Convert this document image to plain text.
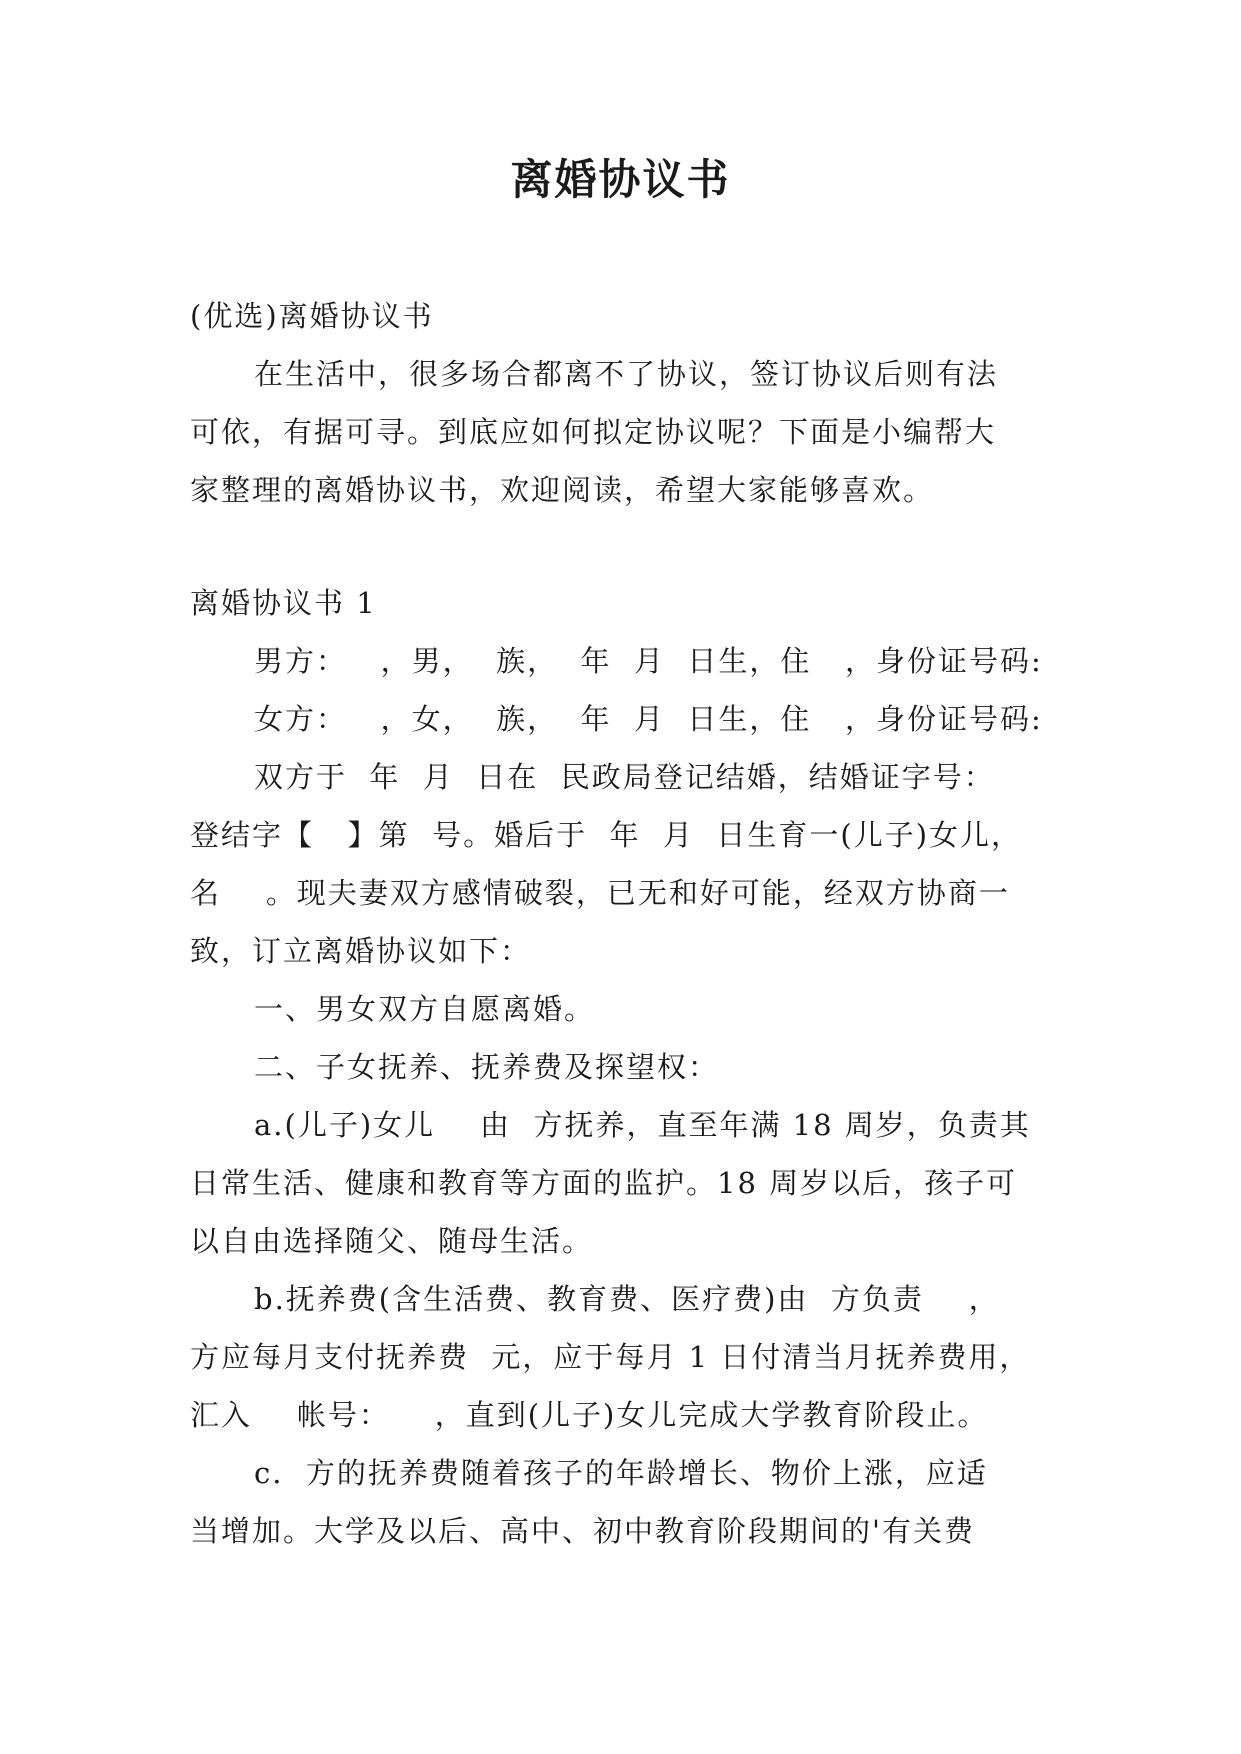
离婚协议书
(优选)离婚协议书
在生活中，很多场合都离不了协议，签订协议后则有法
可依，有据可寻。到底应如何拟定协议呢？下面是小编帮大
家整理的离婚协议书，欢迎阅读，希望大家能够喜欢。
离婚协议书 1
男方：   ，男，  族，  年  月  日生，住   ，身份证号码:
女方：   ，女，  族，  年  月  日生，住   ，身份证号码:
双方于  年  月  日在  民政局登记结婚，结婚证字号：
登结字【   】第  号。婚后于  年  月  日生育一(儿子)女儿，
名    。现夫妻双方感情破裂，已无和好可能，经双方协商一
致，订立离婚协议如下：
一、男女双方自愿离婚。
二、子女抚养、抚养费及探望权：
a.(儿子)女儿    由  方抚养，直至年满 18 周岁，负责其
日常生活、健康和教育等方面的监护。18 周岁以后，孩子可
以自由选择随父、随母生活。
b.抚养费(含生活费、教育费、医疗费)由  方负责    ，
方应每月支付抚养费  元，应于每月 1 日付清当月抚养费用，
汇入    帐号：    ，直到(儿子)女儿完成大学教育阶段止。
c.  方的抚养费随着孩子的年龄增长、物价上涨，应适
当增加。大学及以后、高中、初中教育阶段期间的'有关费
